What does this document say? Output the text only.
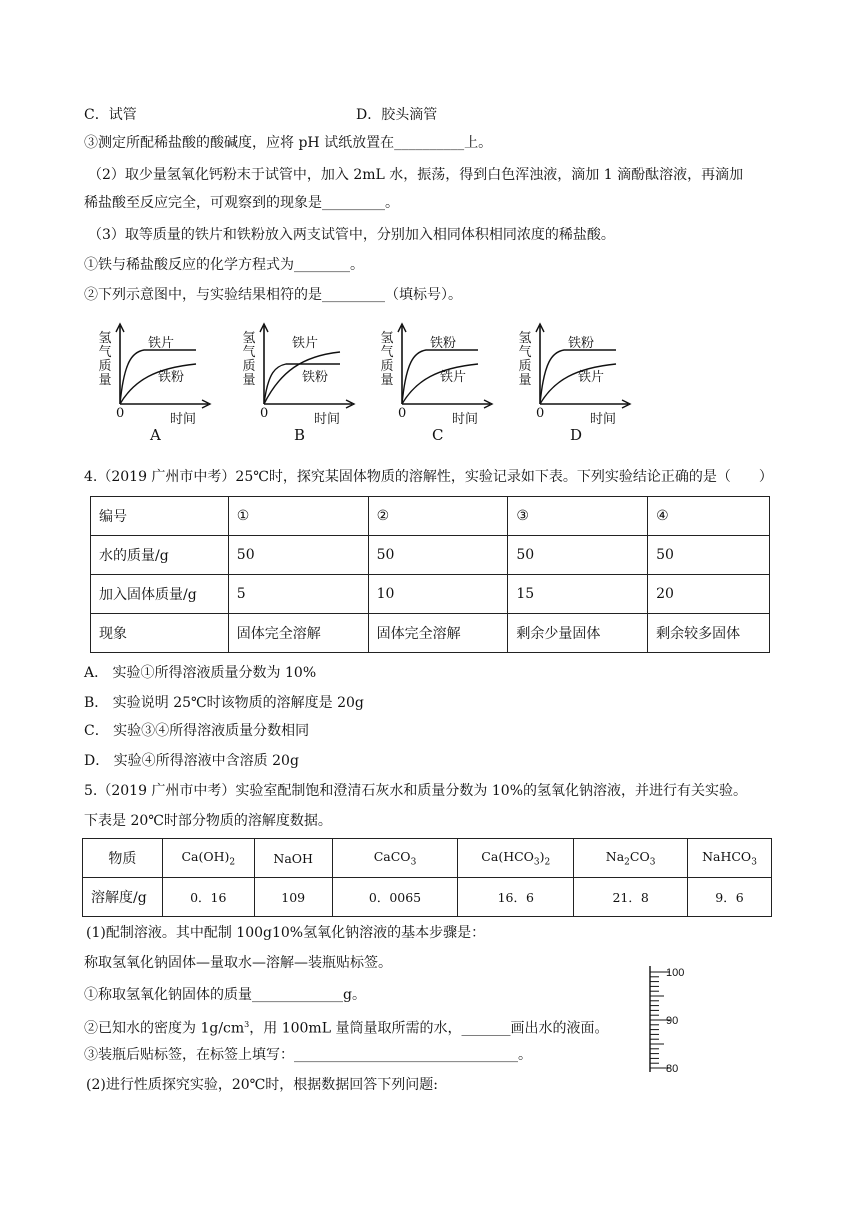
C．试管	D．胶头滴管
③测定所配稀盐酸的酸碱度，应将 pH 试纸放置在__________上。
（2）取少量氢氧化钙粉末于试管中，加入 2mL 水，振荡，得到白色浑浊液，滴加 1 滴酚酞溶液，再滴加
稀盐酸至反应完全，可观察到的现象是_________。
（3）取等质量的铁片和铁粉放入两支试管中，分别加入相同体积相同浓度的稀盐酸。
①铁与稀盐酸反应的化学方程式为________。
②下列示意图中，与实验结果相符的是_________（填标号）。
氢气质量
铁片
铁粉
0	时间
A
氢气质量
铁片
铁粉
0	时间
B
氢气质量
铁粉
铁片
0	时间
C
氢气质量
铁粉
铁片
0	时间
D
4.（2019 广州市中考）25℃时，探究某固体物质的溶解性，实验记录如下表。下列实验结论正确的是（　　）
编号	①	②	③	④
水的质量/g	50	50	50	50
加入固体质量/g	5	10	15	20
现象	固体完全溶解	固体完全溶解	剩余少量固体	剩余较多固体
A． 实验①所得溶液质量分数为 10%
B． 实验说明 25℃时该物质的溶解度是 20g
C． 实验③④所得溶液质量分数相同
D． 实验④所得溶液中含溶质 20g
5.（2019 广州市中考）实验室配制饱和澄清石灰水和质量分数为 10%的氢氧化钠溶液，并进行有关实验。
下表是 20℃时部分物质的溶解度数据。
物质	$Ca(OH)_2$	NaOH	CaCO$_3$	$Ca(HCO_3)_2$	$Na_2CO_3$	NaHCO$_3$
溶解度/g	0．16	109	0．0065	16．6	21．8	9．6
(1)配制溶液。其中配制 100g10%氢氧化钠溶液的基本步骤是：
称取氢氧化钠固体—量取水—溶解—装瓶贴标签。
①称取氢氧化钠固体的质量_____________g。
②已知水的密度为 $1g/cm^3$，用 100mL 量筒量取所需的水，_______画出水的液面。
③装瓶后贴标签，在标签上填写：________________________________。
(2)进行性质探究实验，20℃时，根据数据回答下列问题:
100
90
80
